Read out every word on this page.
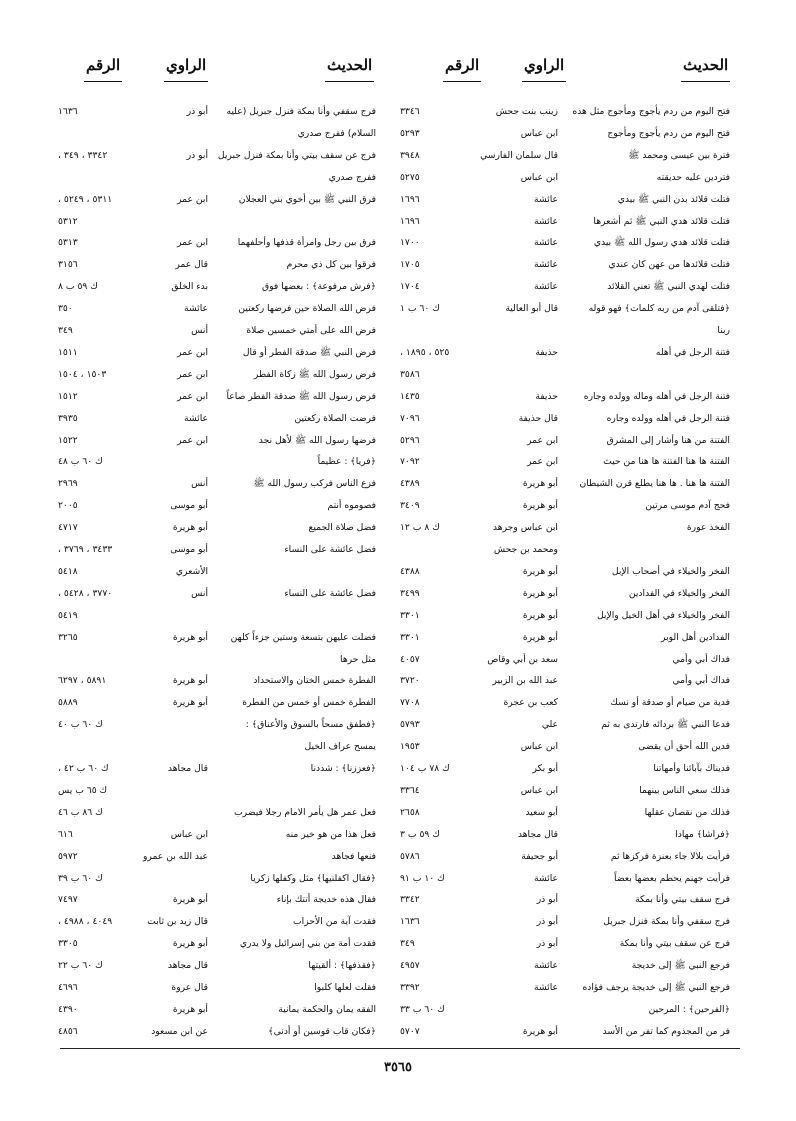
الحديث
الراوي
الرقم
الحديث
الراوي
الرقم
فتح اليوم من ردم يأجوج ومأجوج مثل هذه
زينب بنت جحش
٣٣٤٦
فتح اليوم من ردم يأجوج ومأجوج
ابن عباس
٥٢٩٣
فترة بين عيسى ومحمد ﷺ
قال سلمان الفارسي
٣٩٤٨
فتردين عليه حديقته
ابن عباس
٥٢٧٥
فتلت قلائد بدن النبي ﷺ بيدي
عائشة
١٦٩٦
فتلت قلائد هدي النبي ﷺ ثم أشعرها
عائشة
١٦٩٦
فتلت قلائد هدي رسول الله ﷺ بيدي
عائشة
١٧٠٠
فتلت قلائدها من عهن كان عندي
عائشة
١٧٠٥
فتلت لهدي النبي ﷺ تعني القلائد
عائشة
١٧٠٤
﴿فتلقى آدم من ربه كلمات﴾ فهو قوله
قال أبو العالية
ك ٦٠ ب ١
ربنا
فتنة الرجل في أهله
حذيفة
٥٢٥ ، ١٨٩٥ ،
٣٥٨٦
فتنة الرجل في أهله وماله وولده وجاره
حذيفة
١٤٣٥
فتنة الرجل في أهله وولده وجاره
قال حذيفة
٧٠٩٦
الفتنة من هنا وأشار إلى المشرق
ابن عمر
٥٢٩٦
الفتنة ها هنا الفتنة ها هنا من حيث
ابن عمر
٧٠٩٢
الفتنة ها هنا . ها هنا يطلع قرن الشيطان
أبو هريرة
٤٣٨٩
فحج آدم موسى مرتين
أبو هريرة
٣٤٠٩
الفخذ عورة
ابن عباس وجرهد
ك ٨ ب ١٢
ومحمد بن جحش
الفخر والخيلاء في أصحاب الإبل
أبو هريرة
٤٣٨٨
الفخر والخيلاء في الفدادين
أبو هريرة
٣٤٩٩
الفخر والخيلاء في أهل الخيل والإبل
أبو هريرة
٣٣٠١
الفدادين أهل الوبر
أبو هريرة
٣٣٠١
فداك أبي وأمي
سعد بن أبي وقاص
٤٠٥٧
فداك أبي وأمي
عبد الله بن الزبير
٣٧٢٠
فدية من صيام أو صدقة أو نسك
كعب بن عجرة
٧٧٠٨
فدعا النبي ﷺ بردائه فارتدى به ثم
علي
٥٧٩٣
فدين الله أحق أن يقضى
ابن عباس
١٩٥٣
فديناك بآبائنا وأمهاتنا
أبو بكر
ك ٧٨ ب ١٠٤
فذلك سعي الناس بينهما
ابن عباس
٣٣٦٤
فذلك من نقصان عقلها
أبو سعيد
٢٦٥٨
﴿فراشا﴾ مهادا
قال مجاهد
ك ٥٩ ب ٣
فرأيت بلالا جاء بعنزة فركزها ثم
أبو جحيفة
٥٧٨٦
فرأيت جهنم يحطم بعضها بعضاً
عائشة
ك ١٠ ب ٩١
فرج سقف بيتي وأنا بمكة
أبو ذر
٣٣٤٢
فرج سقفي وأنا بمكة فنزل جبريل
أبو ذر
١٦٣٦
فرج عن سقف بيتي وأنا بمكة
أبو ذر
٣٤٩
فرجع النبي ﷺ إلى خديجة
عائشة
٤٩٥٧
فرجع النبي ﷺ إلى خديجة يرجف فؤاده
عائشة
٣٣٩٢
﴿الفرحين﴾ : المرحين
ك ٦٠ ب ٣٣
فر من المجذوم كما تفر من الأسد
أبو هريرة
٥٧٠٧
فرج سقفي وأنا بمكة فنزل جبريل (عليه
أبو ذر
١٦٣٦
السلام) ففرج صدري
فرج عن سقف بيتي وأنا بمكة فنزل جبريل
أبو ذر
٣٣٤٢ ، ٣٤٩ ،
ففرج صدري
فرق النبي ﷺ بين أخوي بني العجلان
ابن عمر
٥٣١١ ، ٥٢٤٩ ،
٥٣١٢
فرق بين رجل وامرأة قذفها وأحلفهما
ابن عمر
٥٣١٣
فرقوا بين كل ذي محرم
قال عمر
٣١٥٦
﴿فرش مرفوعة﴾ : بعضها فوق
بدء الخلق
ك ٥٩ ب ٨
فرض الله الصلاة حين فرضها ركعتين
عائشة
٣٥٠
فرض الله على أمتي خمسين صلاة
أنس
٣٤٩
فرض النبي ﷺ صدقة الفطر أو قال
ابن عمر
١٥١١
فرض رسول الله ﷺ زكاة الفطر
ابن عمر
١٥٠٣ ، ١٥٠٤
فرض رسول الله ﷺ صدقة الفطر صاعاً
ابن عمر
١٥١٢
فرضت الصلاة ركعتين
عائشة
٣٩٣٥
فرضها رسول الله ﷺ لأهل نجد
ابن عمر
١٥٢٢
﴿فريا﴾ : عظيماً
ك ٦٠ ب ٤٨
فزع الناس فركب رسول الله ﷺ
أنس
٢٩٦٩
فصوموه أنتم
أبو موسى
٢٠٠٥
فضل صلاة الجميع
أبو هريرة
٤٧١٧
فضل عائشة على النساء
أبو موسى
٣٤٣٣ ، ٣٧٦٩ ،
الأشعري
٥٤١٨
فضل عائشة على النساء
أنس
٣٧٧٠ ، ٥٤٢٨ ،
٥٤١٩
فضلت عليهن بتسعة وستين جزءاً كلهن
أبو هريرة
٣٢٦٥
مثل حرها
الفطرة خمس الختان والاستحداد
أبو هريرة
٥٨٩١ ، ٦٢٩٧
الفطرة خمس أو خمس من الفطرة
أبو هريرة
٥٨٨٩
﴿فطفق مسحاً بالسوق والأعناق﴾ :
ك ٦٠ ب ٤٠
يمسح عراف الخيل
﴿فعززنا﴾ : شددنا
قال مجاهد
ك ٦٠ ب ٤٢ ،
ك ٦٥ ب يس
فعل عمر هل يأمر الامام رجلا فيضرب
ك ٨٦ ب ٤٦
فعل هذا من هو خير منه
ابن عباس
٦١٦
فنعها فجاهد
عبد الله بن عمرو
٥٩٧٢
﴿فقال اكفلنيها﴾ مثل وكفلها زكريا
ك ٦٠ ب ٣٩
فقال هذه خديجة أتتك بإناء
أبو هريرة
٧٤٩٧
فقدت آية من الأحزاب
قال زيد بن ثابت
٤٠٤٩ ، ٤٩٨٨ ،
فقدت أمة من بني إسرائيل ولا يدري
أبو هريرة
٣٣٠٥
﴿فقذفها﴾ : ألقيتها
قال مجاهد
ك ٦٠ ب ٢٢
فقلت لعلها كلبوا
قال عروة
٤٦٩٦
الفقه يمان والحكمة يمانية
أبو هريرة
٤٣٩٠
﴿فكان قاب قوسين أو أدنى﴾
عن ابن مسعود
٤٨٥٦
٣٥٦٥
